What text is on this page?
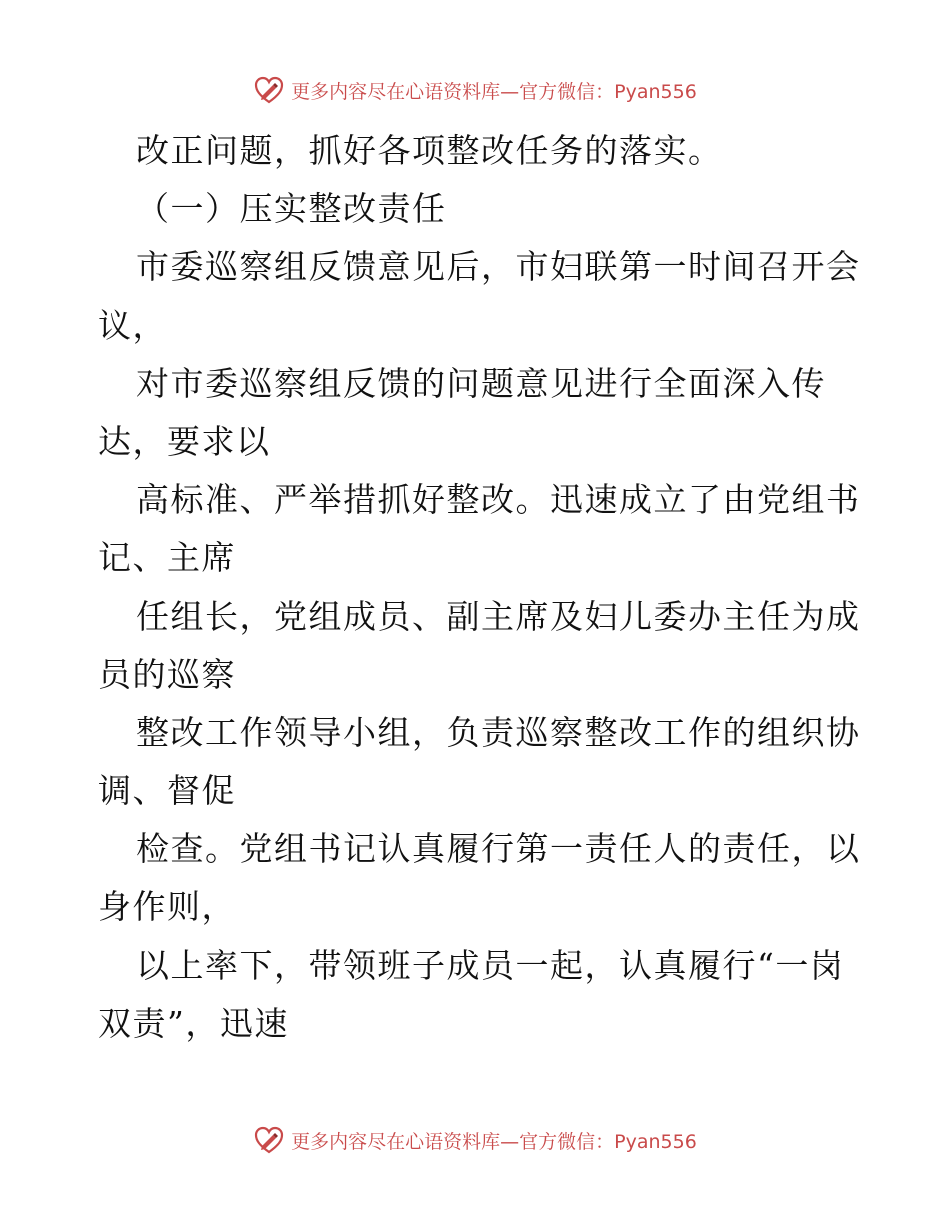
更多内容尽在心语资料库—官方微信：Pyan556
改正问题，抓好各项整改任务的落实。
（一）压实整改责任
市委巡察组反馈意见后，市妇联第一时间召开会
议，
对市委巡察组反馈的问题意见进行全面深入传
达，要求以
高标准、严举措抓好整改。迅速成立了由党组书
记、主席
任组长，党组成员、副主席及妇儿委办主任为成
员的巡察
整改工作领导小组，负责巡察整改工作的组织协
调、督促
检查。党组书记认真履行第一责任人的责任，以
身作则，
以上率下，带领班子成员一起，认真履行“一岗
双责”，迅速
更多内容尽在心语资料库—官方微信：Pyan556
